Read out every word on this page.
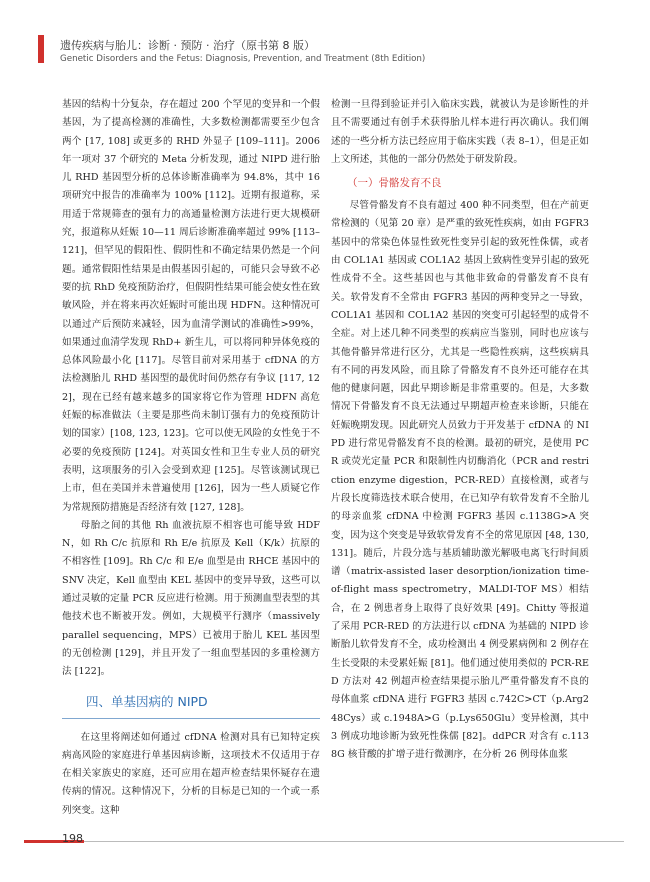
遗传疾病与胎儿：诊断 · 预防 · 治疗（原书第 8 版）
Genetic Disorders and the Fetus: Diagnosis, Prevention, and Treatment (8th Edition)

基因的结构十分复杂，存在超过 200 个罕见的变异和一个假基因，为了提高检测的准确性，大多数检测都需要至少包含两个 [17, 108] 或更多的 RHD 外显子 [109–111]。2006 年一项对 37 个研究的 Meta 分析发现，通过 NIPD 进行胎儿 RHD 基因型分析的总体诊断准确率为 94.8%，其中 16 项研究中报告的准确率为 100% [112]。近期有报道称，采用适于常规筛查的强有力的高通量检测方法进行更大规模研究，报道称从妊娠 10—11 周后诊断准确率超过 99% [113–121]，但罕见的假阳性、假阴性和不确定结果仍然是一个问题。通常假阳性结果是由假基因引起的，可能只会导致不必要的抗 RhD 免疫预防治疗，但假阴性结果可能会使女性在致敏风险，并在将来再次妊娠时可能出现 HDFN。这种情况可以通过产后预防来减轻，因为血清学测试的准确性>99%，如果通过血清学发现 RhD+ 新生儿，可以将同种异体免疫的总体风险最小化 [117]。尽管目前对采用基于 cfDNA 的方法检测胎儿 RHD 基因型的最优时间仍然存有争议 [117, 122]，现在已经有越来越多的国家将它作为管理 HDFN 高危妊娠的标准做法（主要是那些尚未制订强有力的免疫预防计划的国家）[108, 123, 123]。它可以使无风险的女性免于不必要的免疫预防 [124]。对英国女性和卫生专业人员的研究表明，这项服务的引入会受到欢迎 [125]。尽管该测试现已上市，但在美国并未普遍使用 [126]，因为一些人质疑它作为常规预防措施是否经济有效 [127, 128]。

母胎之间的其他 Rh 血液抗原不相容也可能导致 HDFN，如 Rh C/c 抗原和 Rh E/e 抗原及 Kell（K/k）抗原的不相容性 [109]。Rh C/c 和 E/e 血型是由 RHCE 基因中的 SNV 决定，Kell 血型由 KEL 基因中的变异导致，这些可以通过灵敏的定量 PCR 反应进行检测。用于预测血型表型的其他技术也不断被开发。例如，大规模平行测序（massively parallel sequencing，MPS）已被用于胎儿 KEL 基因型的无创检测 [129]，并且开发了一组血型基因的多重检测方法 [122]。

四、单基因病的 NIPD

在这里将阐述如何通过 cfDNA 检测对具有已知特定疾病高风险的家庭进行单基因病诊断，这项技术不仅适用于存在相关家族史的家庭，还可应用在超声检查结果怀疑存在遗传病的情况。这种情况下，分析的目标是已知的一个或一系列突变。这种

检测一旦得到验证并引入临床实践，就被认为是诊断性的并且不需要通过有创手术获得胎儿样本进行再次确认。我们阐述的一些分析方法已经应用于临床实践（表 8–1），但是正如上文所述，其他的一部分仍然处于研发阶段。

（一）骨骼发育不良

尽管骨骼发育不良有超过 400 种不同类型，但在产前更常检测的（见第 20 章）是严重的致死性疾病，如由 FGFR3 基因中的常染色体显性致死性变异引起的致死性侏儒，或者由 COL1A1 基因或 COL1A2 基因上致病性变异引起的致死性成骨不全。这些基因也与其他非致命的骨骼发育不良有关。软骨发育不全常由 FGFR3 基因的两种变异之一导致，COL1A1 基因和 COL1A2 基因的突变可引起轻型的成骨不全症。对上述几种不同类型的疾病应当鉴别，同时也应该与其他骨骼异常进行区分，尤其是一些隐性疾病，这些疾病具有不同的再发风险，而且除了骨骼发育不良外还可能存在其他的健康问题，因此早期诊断是非常重要的。但是，大多数情况下骨骼发育不良无法通过早期超声检查来诊断，只能在妊娠晚期发现。因此研究人员致力于开发基于 cfDNA 的 NIPD 进行常见骨骼发育不良的检测。最初的研究，是使用 PCR 或荧光定量 PCR 和限制性内切酶消化（PCR and restriction enzyme digestion，PCR-RED）直接检测，或者与片段长度筛选技术联合使用，在已知孕有软骨发育不全胎儿的母亲血浆 cfDNA 中检测 FGFR3 基因 c.1138G>A 突变，因为这个突变是导致软骨发育不全的常见原因 [48, 130, 131]。随后，片段分选与基质辅助激光解吸电离飞行时间质谱（matrix-assisted laser desorption/ionization time-of-flight mass spectrometry，MALDI-TOF MS）相结合，在 2 例患者身上取得了良好效果 [49]。Chitty 等报道了采用 PCR-RED 的方法进行以 cfDNA 为基础的 NIPD 诊断胎儿软骨发育不全，成功检测出 4 例受累病例和 2 例存在生长受限的未受累妊娠 [81]。他们通过使用类似的 PCR-RED 方法对 42 例超声检查结果提示胎儿严重骨骼发育不良的母体血浆 cfDNA 进行 FGFR3 基因 c.742C>CT（p.Arg248Cys）或 c.1948A>G（p.Lys650Glu）变异检测，其中 3 例成功地诊断为致死性侏儒 [82]。ddPCR 对含有 c.1138G 核苷酸的扩增子进行微测序，在分析 26 例母体血浆

198
